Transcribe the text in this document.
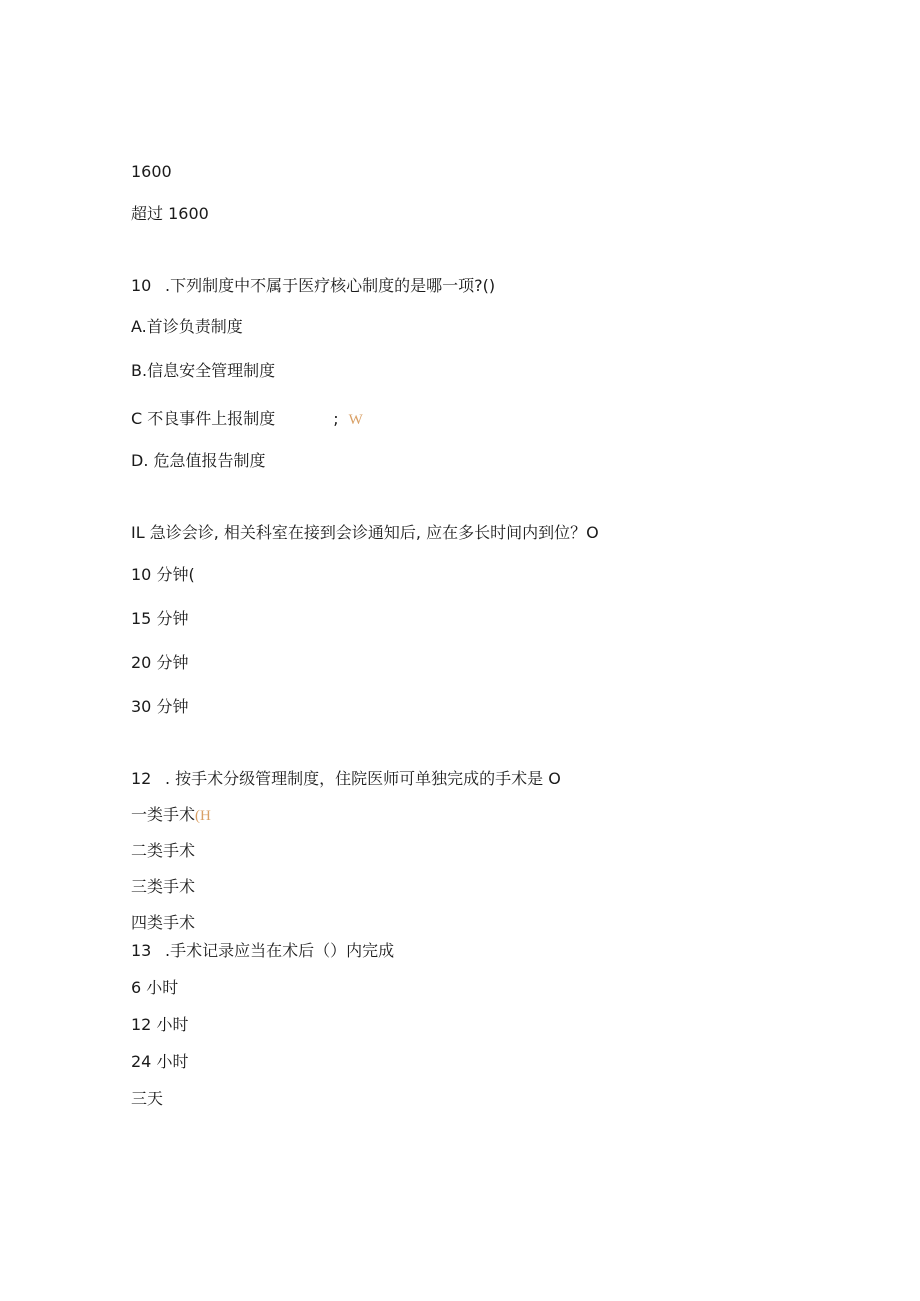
1600
超过 1600
10 .下列制度中不属于医疗核心制度的是哪一项?()
A.首诊负责制度
B.信息安全管理制度
C 不良事件上报制度	; W
D. 危急值报告制度
IL 急诊会诊, 相关科室在接到会诊通知后, 应在多长时间内到位？O
10 分钟(
15 分钟
20 分钟
30 分钟
12 . 按手术分级管理制度，住院医师可单独完成的手术是 O
一类手术(H
二类手术
三类手术
四类手术
13 .手术记录应当在术后（）内完成
6 小时
12 小时
24 小时
三天
